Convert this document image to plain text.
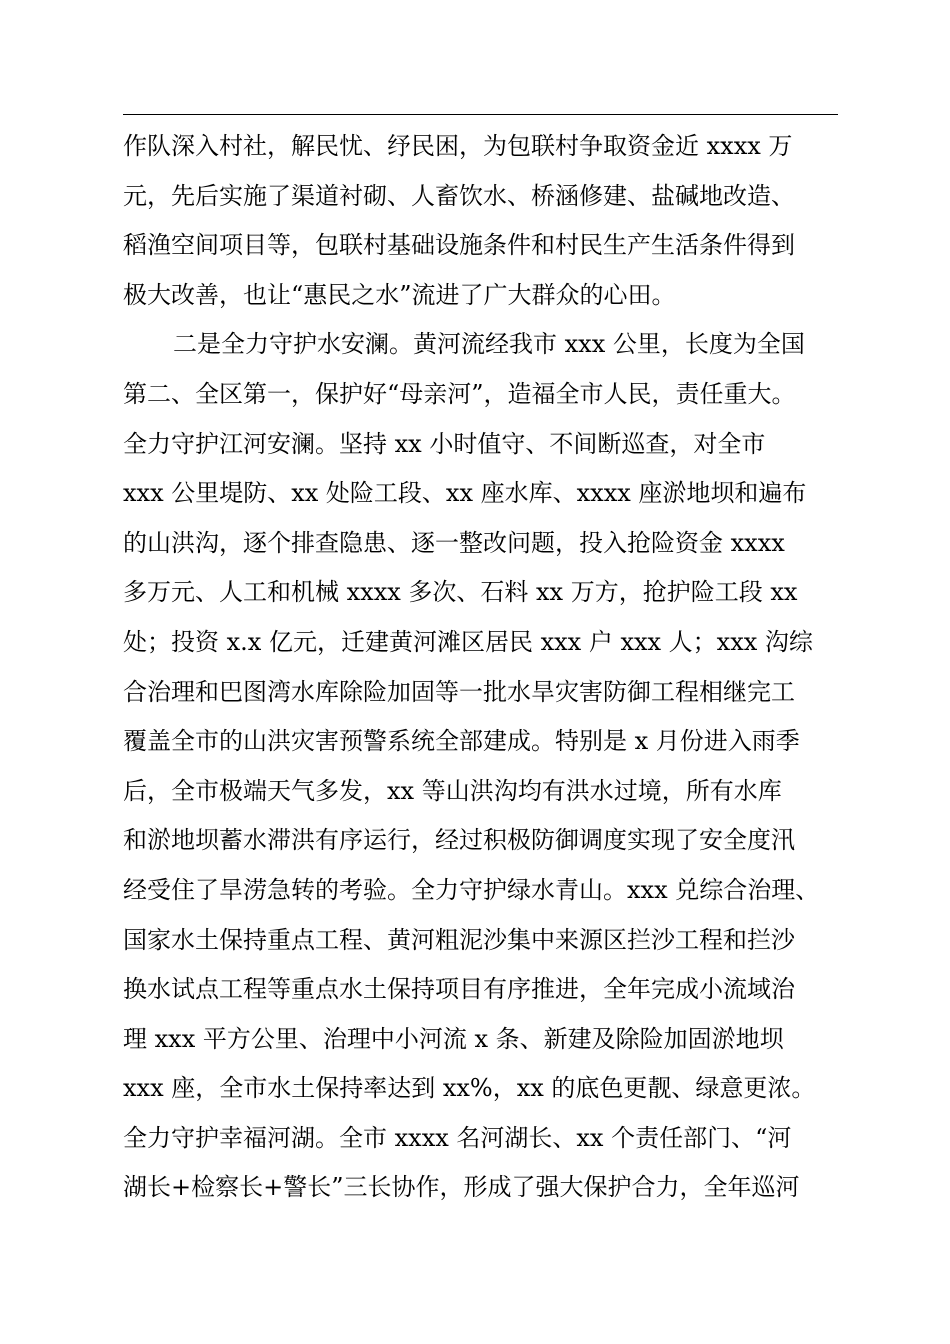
作队深入村社，解民忧、纾民困，为包联村争取资金近 xxxx 万
元，先后实施了渠道衬砌、人畜饮水、桥涵修建、盐碱地改造、
稻渔空间项目等，包联村基础设施条件和村民生产生活条件得到
极大改善，也让“惠民之水”流进了广大群众的心田。
二是全力守护水安澜。黄河流经我市 xxx 公里，长度为全国
第二、全区第一，保护好“母亲河”，造福全市人民，责任重大。
全力守护江河安澜。坚持 xx 小时值守、不间断巡查，对全市
xxx 公里堤防、xx 处险工段、xx 座水库、xxxx 座淤地坝和遍布
的山洪沟，逐个排查隐患、逐一整改问题，投入抢险资金 xxxx
多万元、人工和机械 xxxx 多次、石料 xx 万方，抢护险工段 xx
处；投资 x.x 亿元，迁建黄河滩区居民 xxx 户 xxx 人；xxx 沟综
合治理和巴图湾水库除险加固等一批水旱灾害防御工程相继完工
覆盖全市的山洪灾害预警系统全部建成。特别是 x 月份进入雨季
后，全市极端天气多发，xx 等山洪沟均有洪水过境，所有水库
和淤地坝蓄水滞洪有序运行，经过积极防御调度实现了安全度汛
经受住了旱涝急转的考验。全力守护绿水青山。xxx 兑综合治理、
国家水土保持重点工程、黄河粗泥沙集中来源区拦沙工程和拦沙
换水试点工程等重点水土保持项目有序推进，全年完成小流域治
理 xxx 平方公里、治理中小河流 x 条、新建及除险加固淤地坝
xxx 座，全市水土保持率达到 xx%，xx 的底色更靓、绿意更浓。
全力守护幸福河湖。全市 xxxx 名河湖长、xx 个责任部门、“河
湖长+检察长+警长”三长协作，形成了强大保护合力，全年巡河
